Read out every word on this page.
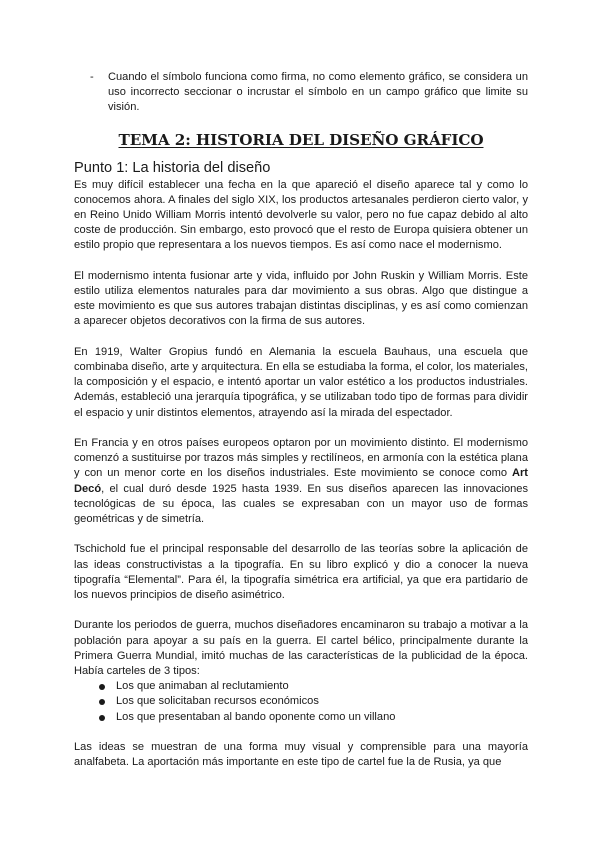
-	Cuando el símbolo funciona como firma, no como elemento gráfico, se considera un uso incorrecto seccionar o incrustar el símbolo en un campo gráfico que limite su visión.
TEMA 2: HISTORIA DEL DISEÑO GRÁFICO
Punto 1: La historia del diseño

Es muy difícil establecer una fecha en la que apareció el diseño aparece tal y como lo conocemos ahora. A finales del siglo XIX, los productos artesanales perdieron cierto valor, y en Reino Unido William Morris intentó devolverle su valor, pero no fue capaz debido al alto coste de producción. Sin embargo, esto provocó que el resto de Europa quisiera obtener un estilo propio que representara a los nuevos tiempos. Es así como nace el modernismo.

El modernismo intenta fusionar arte y vida, influido por John Ruskin y William Morris. Este estilo utiliza elementos naturales para dar movimiento a sus obras. Algo que distingue a este movimiento es que sus autores trabajan distintas disciplinas, y es así como comienzan a aparecer objetos decorativos con la firma de sus autores.

En 1919, Walter Gropius fundó en Alemania la escuela Bauhaus, una escuela que combinaba diseño, arte y arquitectura. En ella se estudiaba la forma, el color, los materiales, la composición y el espacio, e intentó aportar un valor estético a los productos industriales. Además, estableció una jerarquía tipográfica, y se utilizaban todo tipo de formas para dividir el espacio y unir distintos elementos, atrayendo así la mirada del espectador.

En Francia y en otros países europeos optaron por un movimiento distinto. El modernismo comenzó a sustituirse por trazos más simples y rectilíneos, en armonía con la estética plana y con un menor corte en los diseños industriales. Este movimiento se conoce como Art Decó, el cual duró desde 1925 hasta 1939. En sus diseños aparecen las innovaciones tecnológicas de su época, las cuales se expresaban con un mayor uso de formas geométricas y de simetría.

Tschichold fue el principal responsable del desarrollo de las teorías sobre la aplicación de las ideas constructivistas a la tipografía. En su libro explicó y dio a conocer la nueva tipografía “Elemental”. Para él, la tipografía simétrica era artificial, ya que era partidario de los nuevos principios de diseño asimétrico.

Durante los periodos de guerra, muchos diseñadores encaminaron su trabajo a motivar a la población para apoyar a su país en la guerra. El cartel bélico, principalmente durante la Primera Guerra Mundial, imitó muchas de las características de la publicidad de la época. Había carteles de 3 tipos:

Los que animaban al reclutamiento
Los que solicitaban recursos económicos
Los que presentaban al bando oponente como un villano

Las ideas se muestran de una forma muy visual y comprensible para una mayoría analfabeta. La aportación más importante en este tipo de cartel fue la de Rusia, ya que
